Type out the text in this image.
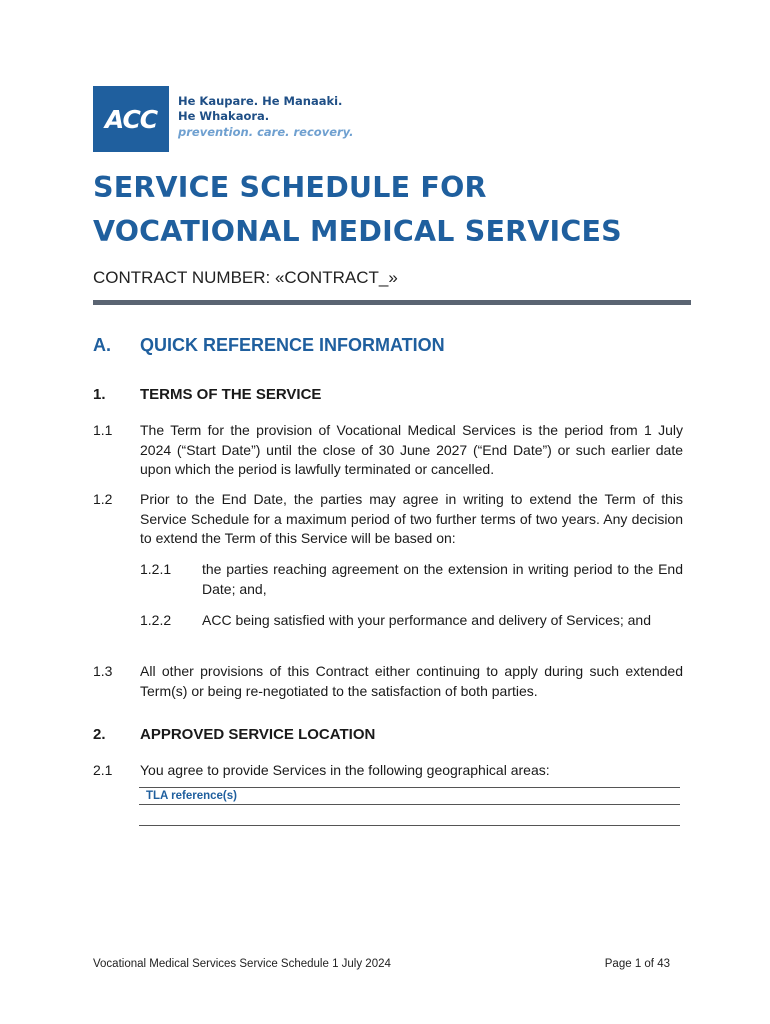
ACC
He Kaupare. He Manaaki.
He Whakaora.
prevention. care. recovery.
SERVICE SCHEDULE FOR
VOCATIONAL MEDICAL SERVICES
CONTRACT NUMBER: «CONTRACT_»
A. QUICK REFERENCE INFORMATION
1. TERMS OF THE SERVICE
1.1 The Term for the provision of Vocational Medical Services is the period from 1 July 2024 (“Start Date”) until the close of 30 June 2027 (“End Date”) or such earlier date upon which the period is lawfully terminated or cancelled.
1.2 Prior to the End Date, the parties may agree in writing to extend the Term of this Service Schedule for a maximum period of two further terms of two years. Any decision to extend the Term of this Service will be based on:
1.2.1 the parties reaching agreement on the extension in writing period to the End Date; and,
1.2.2 ACC being satisfied with your performance and delivery of Services; and
1.3 All other provisions of this Contract either continuing to apply during such extended Term(s) or being re-negotiated to the satisfaction of both parties.
2. APPROVED SERVICE LOCATION
2.1 You agree to provide Services in the following geographical areas:
TLA reference(s)
Vocational Medical Services Service Schedule 1 July 2024	Page 1 of 43
